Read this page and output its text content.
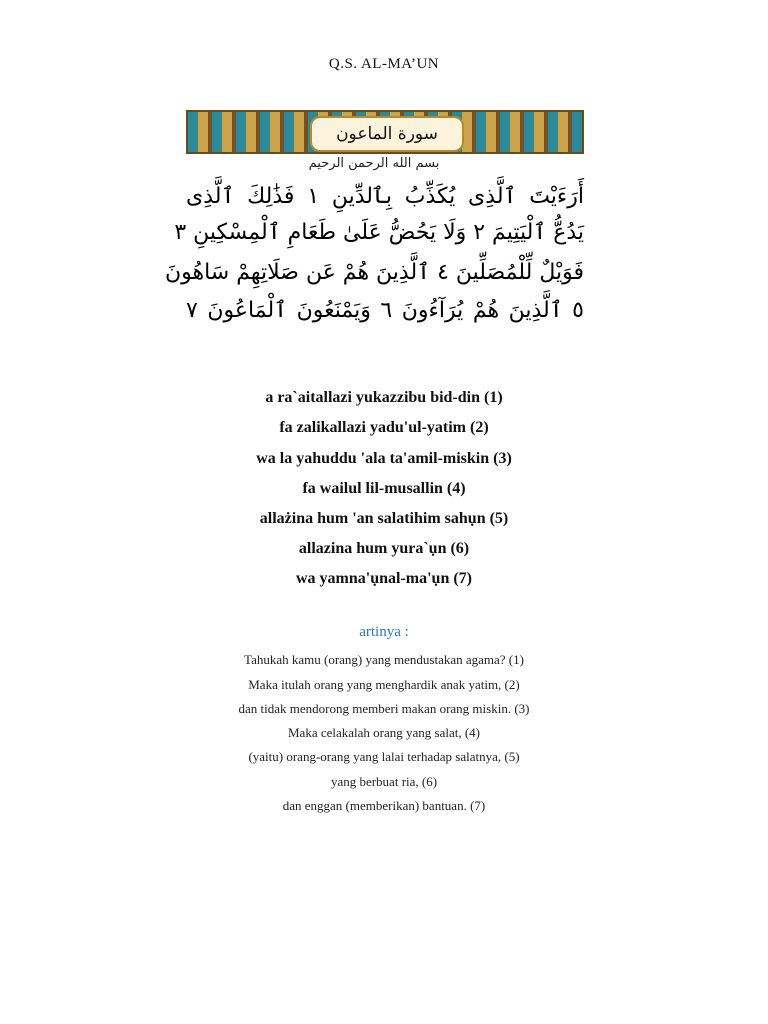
Q.S. AL-MA’UN
سورة الماعون
بسم الله الرحمن الرحيم
أَرَءَيْتَ ٱلَّذِى يُكَذِّبُ بِٱلدِّينِ ١ فَذَٰلِكَ ٱلَّذِى
يَدُعُّ ٱلْيَتِيمَ ٢ وَلَا يَحُضُّ عَلَىٰ طَعَامِ ٱلْمِسْكِينِ ٣
فَوَيْلٌ لِّلْمُصَلِّينَ ٤ ٱلَّذِينَ هُمْ عَن صَلَاتِهِمْ سَاهُونَ
٥ ٱلَّذِينَ هُمْ يُرَآءُونَ ٦ وَيَمْنَعُونَ ٱلْمَاعُونَ ٧
a ra`aitallazi yukazzibu bid-din (1)
fa zalikallazi yadu'ul-yatim (2)
wa la yahuddu 'ala ta'amil-miskin (3)
fa wailul lil-musallin (4)
allażina hum 'an salatihim sahụn (5)
allazina hum yura`ụn (6)
wa yamna'ụnal-ma'ụn (7)
artinya :
Tahukah kamu (orang) yang mendustakan agama? (1)
Maka itulah orang yang menghardik anak yatim, (2)
dan tidak mendorong memberi makan orang miskin. (3)
Maka celakalah orang yang salat, (4)
(yaitu) orang-orang yang lalai terhadap salatnya, (5)
yang berbuat ria, (6)
dan enggan (memberikan) bantuan. (7)
